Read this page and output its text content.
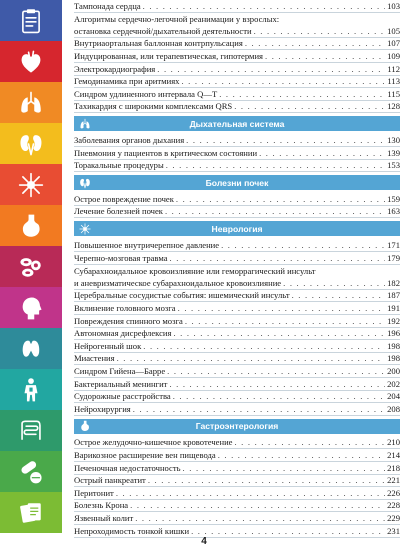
Тампонада сердца . . .	103
Алгоритмы сердечно-легочной реанимации у взрослых:
остановка сердечной/дыхательной деятельности . . .	105
Внутриаортальная баллонная контрпульсация . . .	107
Индуцированная, или терапевтическая, гипотермия . . .	109
Электрокардиография . . .	112
Гемодинамика при аритмиях . . .	113
Синдром удлиненного интервала Q—T . . .	115
Тахикардия с широкими комплексами QRS . . .	128
Дыхательная система
Заболевания органов дыхания . . .	130
Пневмония у пациентов в критическом состоянии . . .	139
Торакальные процедуры . . .	153
Болезни почек
Острое повреждение почек . . .	159
Лечение болезней почек . . .	163
Неврология
Повышенное внутричерепное давление . . .	171
Черепно-мозговая травма . . .	179
Субарахноидальное кровоизлияние или геморрагический инсульт
и аневризматическое субарахноидальное кровоизлияние . . .	182
Церебральные сосудистые события: ишемический инсульт . . .	187
Вклинение головного мозга . . .	191
Повреждения спинного мозга . . .	192
Автономная дисрефлексия . . .	196
Нейрогенный шок . . .	198
Миастения . . .	198
Синдром Гийена—Барре . . .	200
Бактериальный менингит . . .	202
Судорожные расстройства . . .	204
Нейрохирургия . . .	208
Гастроэнтерология
Острое желудочно-кишечное кровотечение . . .	210
Варикозное расширение вен пищевода . . .	214
Печеночная недостаточность . . .	218
Острый панкреатит . . .	221
Перитонит . . .	226
Болезнь Крона . . .	228
Язвенный колит . . .	229
Непроходимость тонкой кишки . . .	231
4
